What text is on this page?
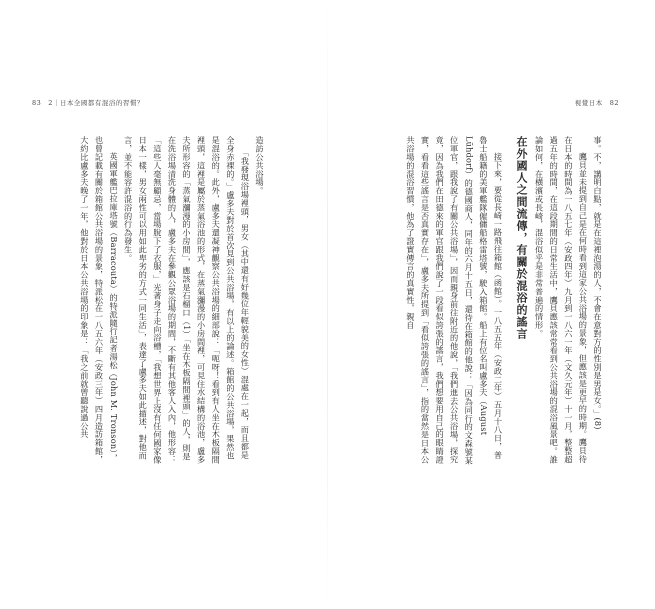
83　2｜日本全國都有混浴的習慣？

造訪公共浴場。

　「我發現浴場裡頭，男女（其中還有好幾位年輕貌美的女性）混處在一起，而且都是全身赤裸的。」盧多夫對於首次見到公共浴場，有以上的論述。箱館的公共浴場，果然也是混浴的。此外，盧多夫還凝神觀察公共浴場的細部說：「呃呀！看到有人坐在木板隔間裡頭，這裡是屬於蒸氣浴池的形式，在蒸氣瀰漫的小房間裡，可見住水結構的浴池，盧多夫所形容的「蒸氣瀰漫的小房間」，應該是石榴口（1）「坐在木板隔間裡頭」的人，則是在洗浴場清洗身體的人，盧多夫在參觀公眾浴場的期間，不斷有其他客人入內，他形容：「這些人毫無顧忌，當場脫下了衣服，」光著身子走向浴槽，「我想世界上沒有任何國家像日本一樣，男女兩性可以用如此卑劣的方式一同生活」，表達了盧多夫如此描述，對他而言，並不能容許混浴的行為發生。

　英國軍艦巴拉庫塔號（Barracouta）的特派隨行記者湯松（John M. Tronson），也曾記載有關於箱館公共浴場的景象，特派松在一八五六年（安政三年）四月造訪箱館，大約比盧多夫晚了一年，他對於日本公共浴場的印象是：「我之前就曾聽說過公共

視覺日本　82

事。不，講明白點，就是在這裡泡湯的人，不會在意對方的性別是男是女。」(8)

　鷹貝並未提到自己是在何時看到這家公共浴場的景象，但應該是更早的時期。鷹貝待在日本的時間為一八五七年（安政四年）九月到一八六一年（文久元年）十一月，整整超過五年的時間，在這段期間的日常生活中，鷹貝應該常常看到公共浴場的混浴風景吧。誰論如何，在橫濱或長崎，混浴似乎是非常普遍的情形。

在外國人之間流傳，有關於混浴的謠言

　接下來，要從長崎一路飛往箱館（函館）。一八五五年（安政二年）五月十八日，普魯士船籍的美軍艦隊僱傭船格雷塔號，駛入箱館。船上有位名叫盧多夫（August Lühdorf）的德國商人，同年的六月十五日，還待在箱館的他說：「因為同行的文森號某位軍官，跟我說了有關公共浴場」，因而親身前往附近的他說，「我們進去公共浴場，探究竟，因為我們在田德來的軍官跟我們說了一段看似誇張的謠言，我們想要用自己的眼睛證實，看看這些謠言是否真實存在」，盧多夫所提到「看似誇張的謠言」，指的當然是日本公共浴場的混浴習慣，他為了證實傳言的真實性，親自
